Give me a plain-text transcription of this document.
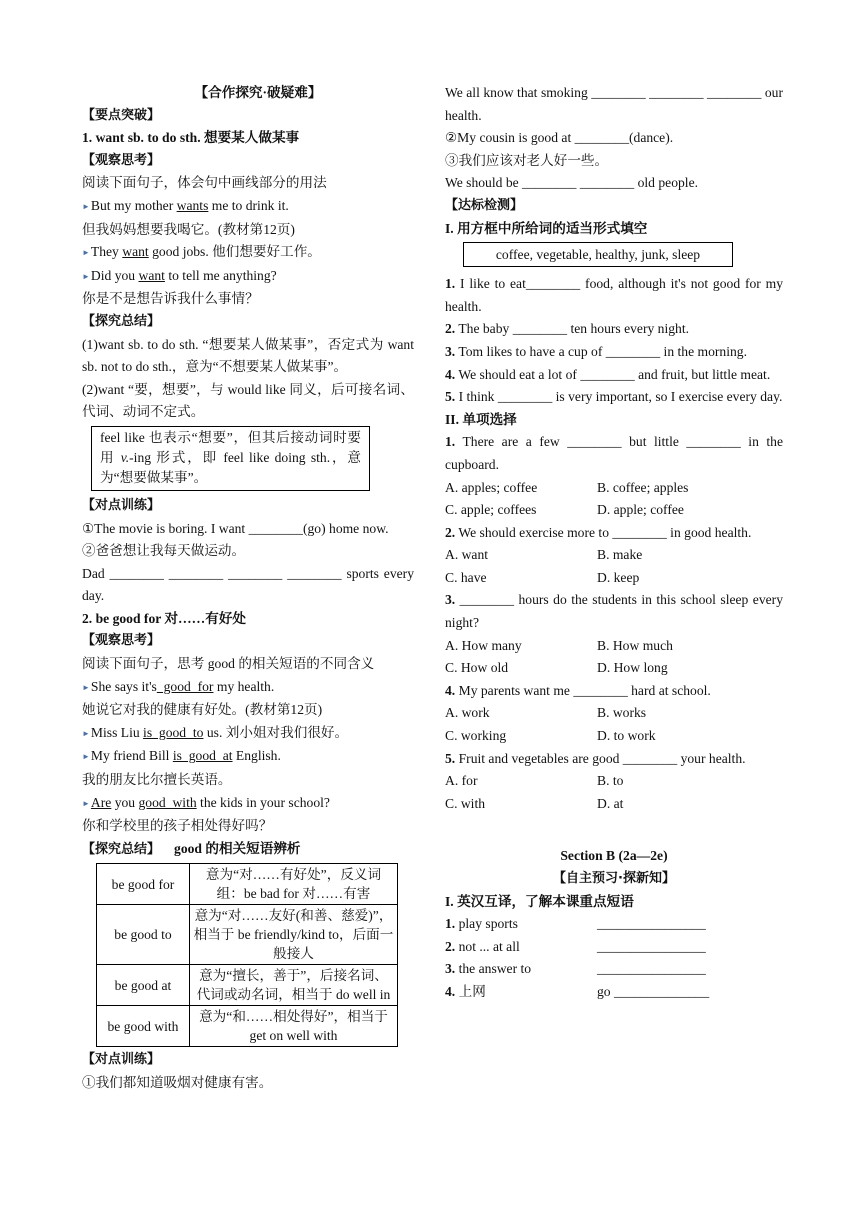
【合作探究·破疑难】
【要点突破】
1. want sb. to do sth. 想要某人做某事
【观察思考】
阅读下面句子，体会句中画线部分的用法
►But my mother wants me to drink it.
但我妈妈想要我喝它。(教材第12页)
►They want good jobs. 他们想要好工作。
►Did you want to tell me anything?
你是不是想告诉我什么事情？
【探究总结】
(1)want sb. to do sth. “想要某人做某事”，否定式为 want sb. not to do sth.，意为“不想要某人做某事”。
(2)want “要，想要”，与 would like 同义，后可接名词、代词、动词不定式。
feel like 也表示“想要”，但其后接动词时要用 v.-ing 形式，即 feel like doing sth.，意为“想要做某事”。
【对点训练】
①The movie is boring. I want ________(go) home now.
②爸爸想让我每天做运动。
Dad ________ ________ ________ ________ sports every day.
2. be good for 对……有好处
【观察思考】
阅读下面句子，思考 good 的相关短语的不同含义
►She says it's  good  for my health.
她说它对我的健康有好处。(教材第12页)
►Miss Liu is  good  to us. 刘小姐对我们很好。
►My friend Bill is  good  at English.
我的朋友比尔擅长英语。
►Are you good  with the kids in your school?
你和学校里的孩子相处得好吗？
【探究总结】 good 的相关短语辨析
be good for	意为“对……有好处”，反义词组：be bad for 对……有害
be good to	意为“对……友好(和善、慈爱)”，相当于 be friendly/kind to，后面一般接人
be good at	意为“擅长，善于”，后接名词、代词或动名词，相当于 do well in
be good with	意为“和……相处得好”，相当于 get on well with
【对点训练】
①我们都知道吸烟对健康有害。
We all know that smoking ________ ________ ________ our health.
②My cousin is good at ________(dance).
③我们应该对老人好一些。
We should be ________ ________ old people.
【达标检测】
I. 用方框中所给词的适当形式填空
coffee, vegetable, healthy, junk, sleep
1. I like to eat________ food, although it's not good for my health.
2. The baby ________ ten hours every night.
3. Tom likes to have a cup of ________ in the morning.
4. We should eat a lot of ________ and fruit, but little meat.
5. I think ________ is very important, so I exercise every day.
II. 单项选择
1. There are a few ________ but little ________ in the cupboard.
A. apples; coffee	B. coffee; apples
C. apple; coffees	D. apple; coffee
2. We should exercise more to ________ in good health.
A. want	B. make
C. have	D. keep
3. ________ hours do the students in this school sleep every night?
A. How many	B. How much
C. How old	D. How long
4. My parents want me ________ hard at school.
A. work	B. works
C. working	D. to work
5. Fruit and vegetables are good ________ your health.
A. for	B. to
C. with	D. at
Section B (2a—2e)
【自主预习·探新知】
I. 英汉互译，了解本课重点短语
1. play sports	________________
2. not ... at all	________________
3. the answer to	________________
4. 上网	go ______________
